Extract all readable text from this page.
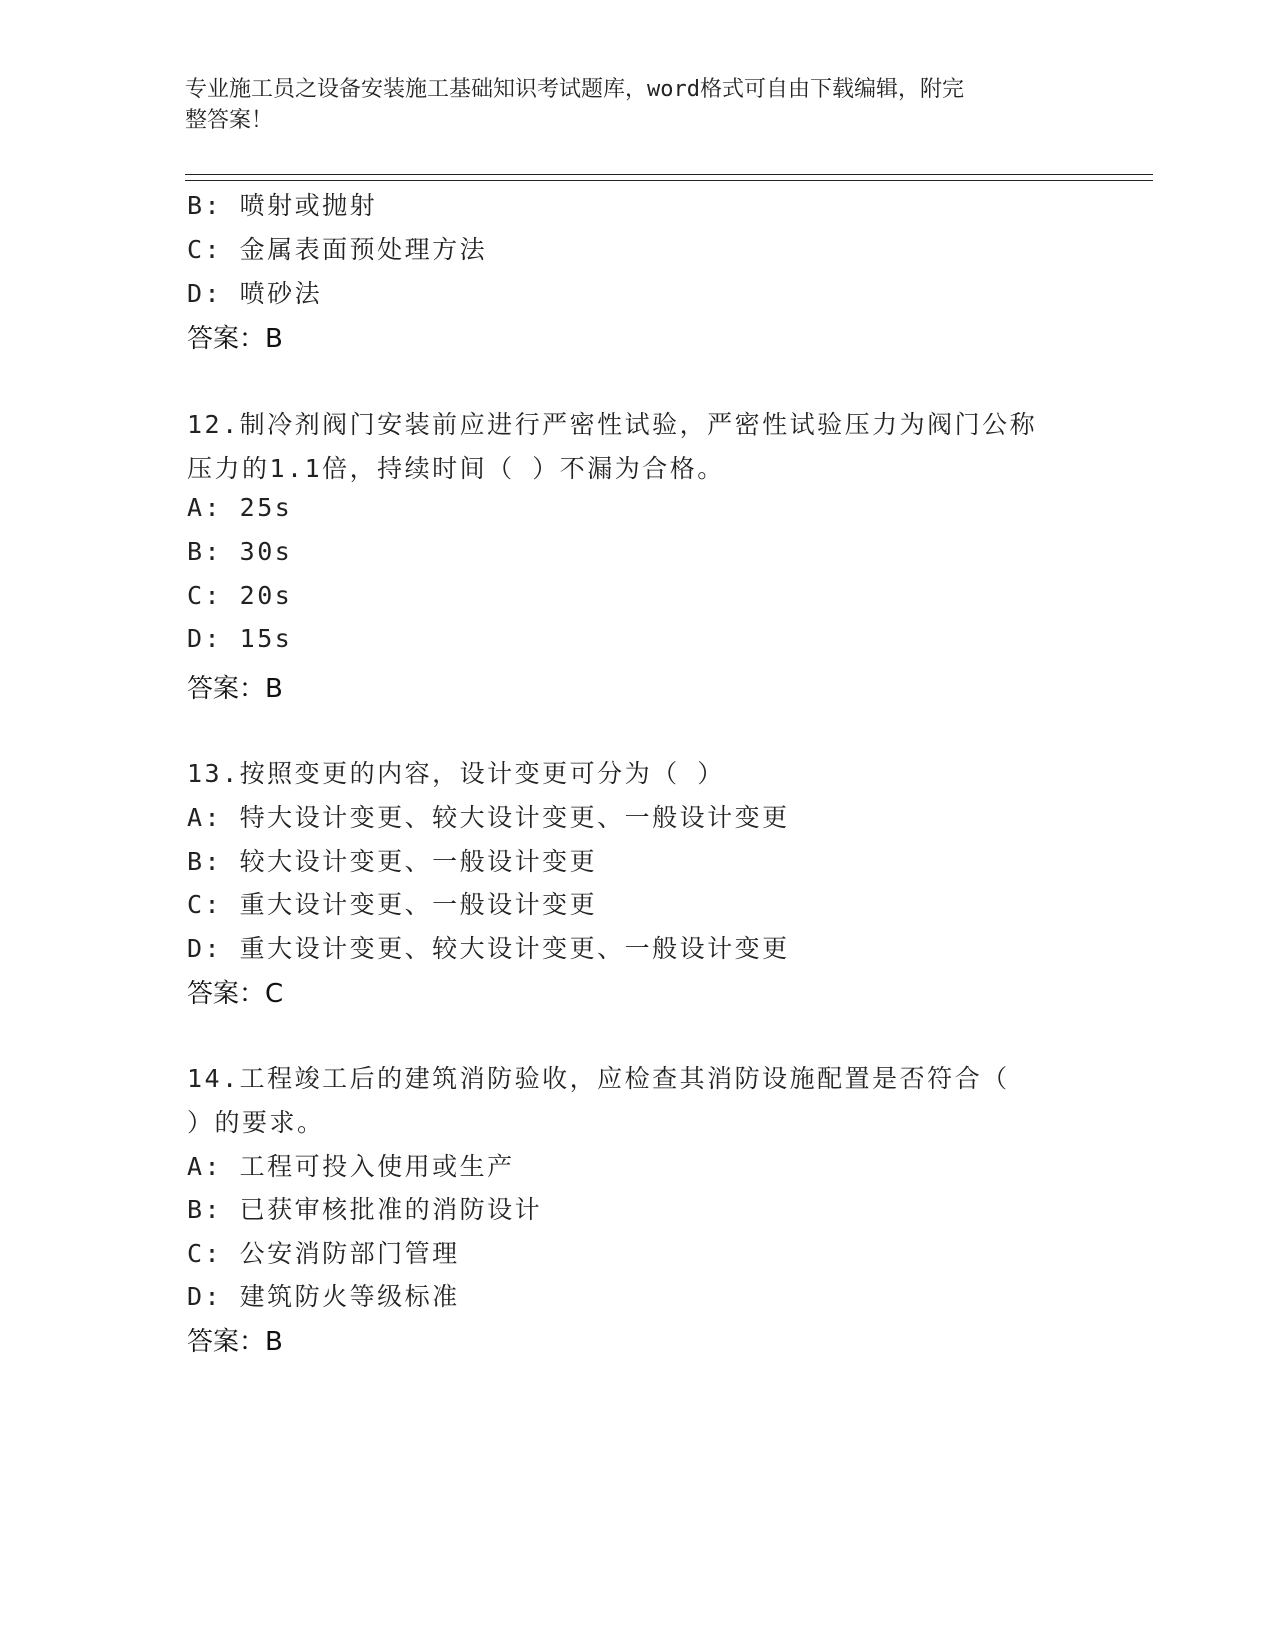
专业施工员之设备安装施工基础知识考试题库，word格式可自由下载编辑，附完
整答案！
B: 喷射或抛射
C: 金属表面预处理方法
D: 喷砂法
答案：B
12.制冷剂阀门安装前应进行严密性试验，严密性试验压力为阀门公称
压力的1.1倍，持续时间（ ）不漏为合格。
A: 25s
B: 30s
C: 20s
D: 15s
答案：B
13.按照变更的内容，设计变更可分为（ ）
A: 特大设计变更、较大设计变更、一般设计变更
B: 较大设计变更、一般设计变更
C: 重大设计变更、一般设计变更
D: 重大设计变更、较大设计变更、一般设计变更
答案：C
14.工程竣工后的建筑消防验收，应检查其消防设施配置是否符合（
）的要求。
A: 工程可投入使用或生产
B: 已获审核批准的消防设计
C: 公安消防部门管理
D: 建筑防火等级标准
答案：B
